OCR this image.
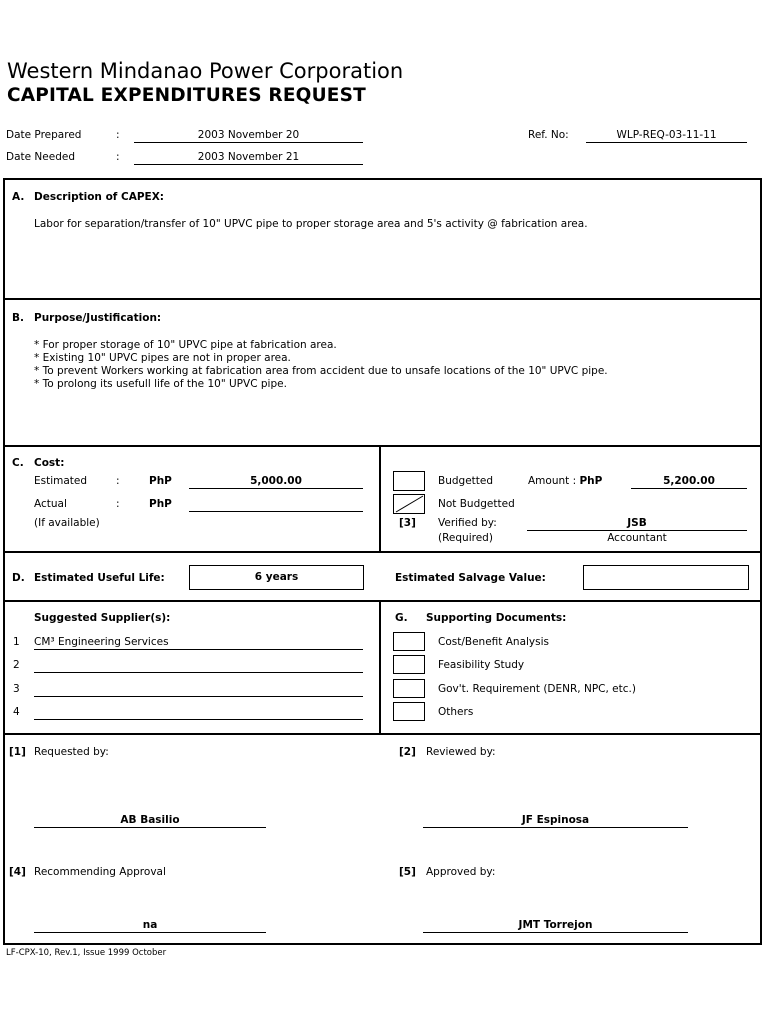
Western Mindanao Power Corporation
CAPITAL EXPENDITURES REQUEST
Date Prepared	:	2003 November 20
Date Needed	:	2003 November 21
Ref. No:	WLP-REQ-03-11-11
A. Description of CAPEX:
Labor for separation/transfer of 10" UPVC pipe to proper storage area and 5's activity @ fabrication area.
B. Purpose/Justification:
* For proper storage of 10" UPVC pipe at fabrication area.
* Existing 10" UPVC pipes are not in proper area.
* To prevent Workers working at fabrication area from accident due to unsafe locations of the 10" UPVC pipe.
* To prolong its usefull life of the 10" UPVC pipe.
C. Cost:
Estimated	:	PhP	5,000.00
Actual	:	PhP
(If available)
Budgetted	Amount : PhP	5,200.00
Not Budgetted
[3] Verified by:	JSB
(Required)	Accountant
D. Estimated Useful Life:	6 years	Estimated Salvage Value:
Suggested Supplier(s):
1 CM³ Engineering Services
2
3
4
G. Supporting Documents:
Cost/Benefit Analysis
Feasibility Study
Gov't. Requirement (DENR, NPC, etc.)
Others
[1] Requested by:
AB Basilio
[2] Reviewed by:
JF Espinosa
[4] Recommending Approval
na
[5] Approved by:
JMT Torrejon
LF-CPX-10, Rev.1, Issue 1999 October
